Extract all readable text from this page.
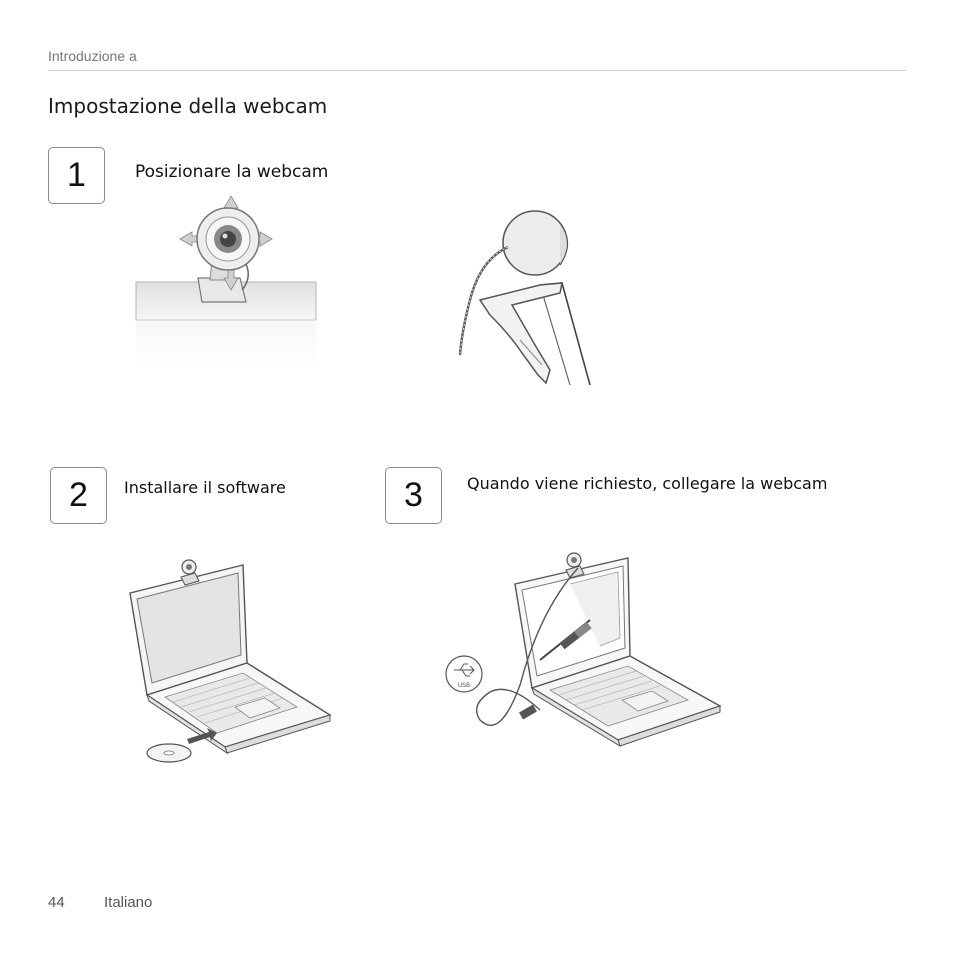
Introduzione a
Impostazione della webcam
1	Posizionare la webcam
2	Installare il software	3	Quando viene richiesto, collegare la webcam
USB
44	Italiano
